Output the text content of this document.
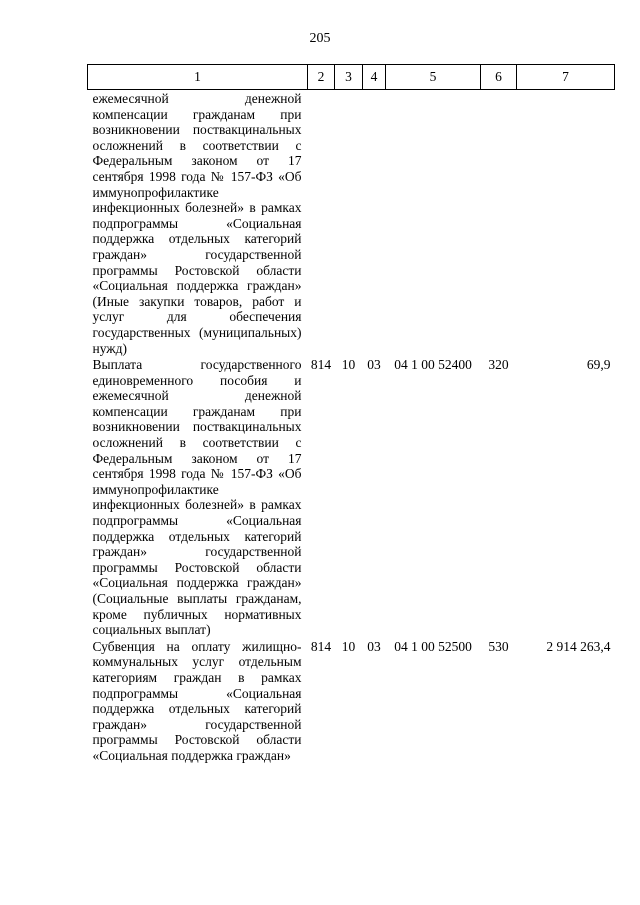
205
1	2	3	4	5	6	7
ежемесячной денежной компенсации гражданам при возникновении поствакцинальных осложнений в соответствии с Федеральным законом от 17 сентября 1998 года № 157-ФЗ «Об иммунопрофилактике инфекционных болезней» в рамках подпрограммы «Социальная поддержка отдельных категорий граждан» государственной программы Ростовской области «Социальная поддержка граждан» (Иные закупки товаров, работ и услуг для обеспечения государственных (муниципальных) нужд)						
Выплата государственного единовременного пособия и ежемесячной денежной компенсации гражданам при возникновении поствакцинальных осложнений в соответствии с Федеральным законом от 17 сентября 1998 года № 157-ФЗ «Об иммунопрофилактике инфекционных болезней» в рамках подпрограммы «Социальная поддержка отдельных категорий граждан» государственной программы Ростовской области «Социальная поддержка граждан» (Социальные выплаты гражданам, кроме публичных нормативных социальных выплат)	814	10	03	04 1 00 52400	320	69,9
Субвенция на оплату жилищно-коммунальных услуг отдельным категориям граждан в рамках подпрограммы «Социальная поддержка отдельных категорий граждан» государственной программы Ростовской области «Социальная поддержка граждан»	814	10	03	04 1 00 52500	530	2 914 263,4
